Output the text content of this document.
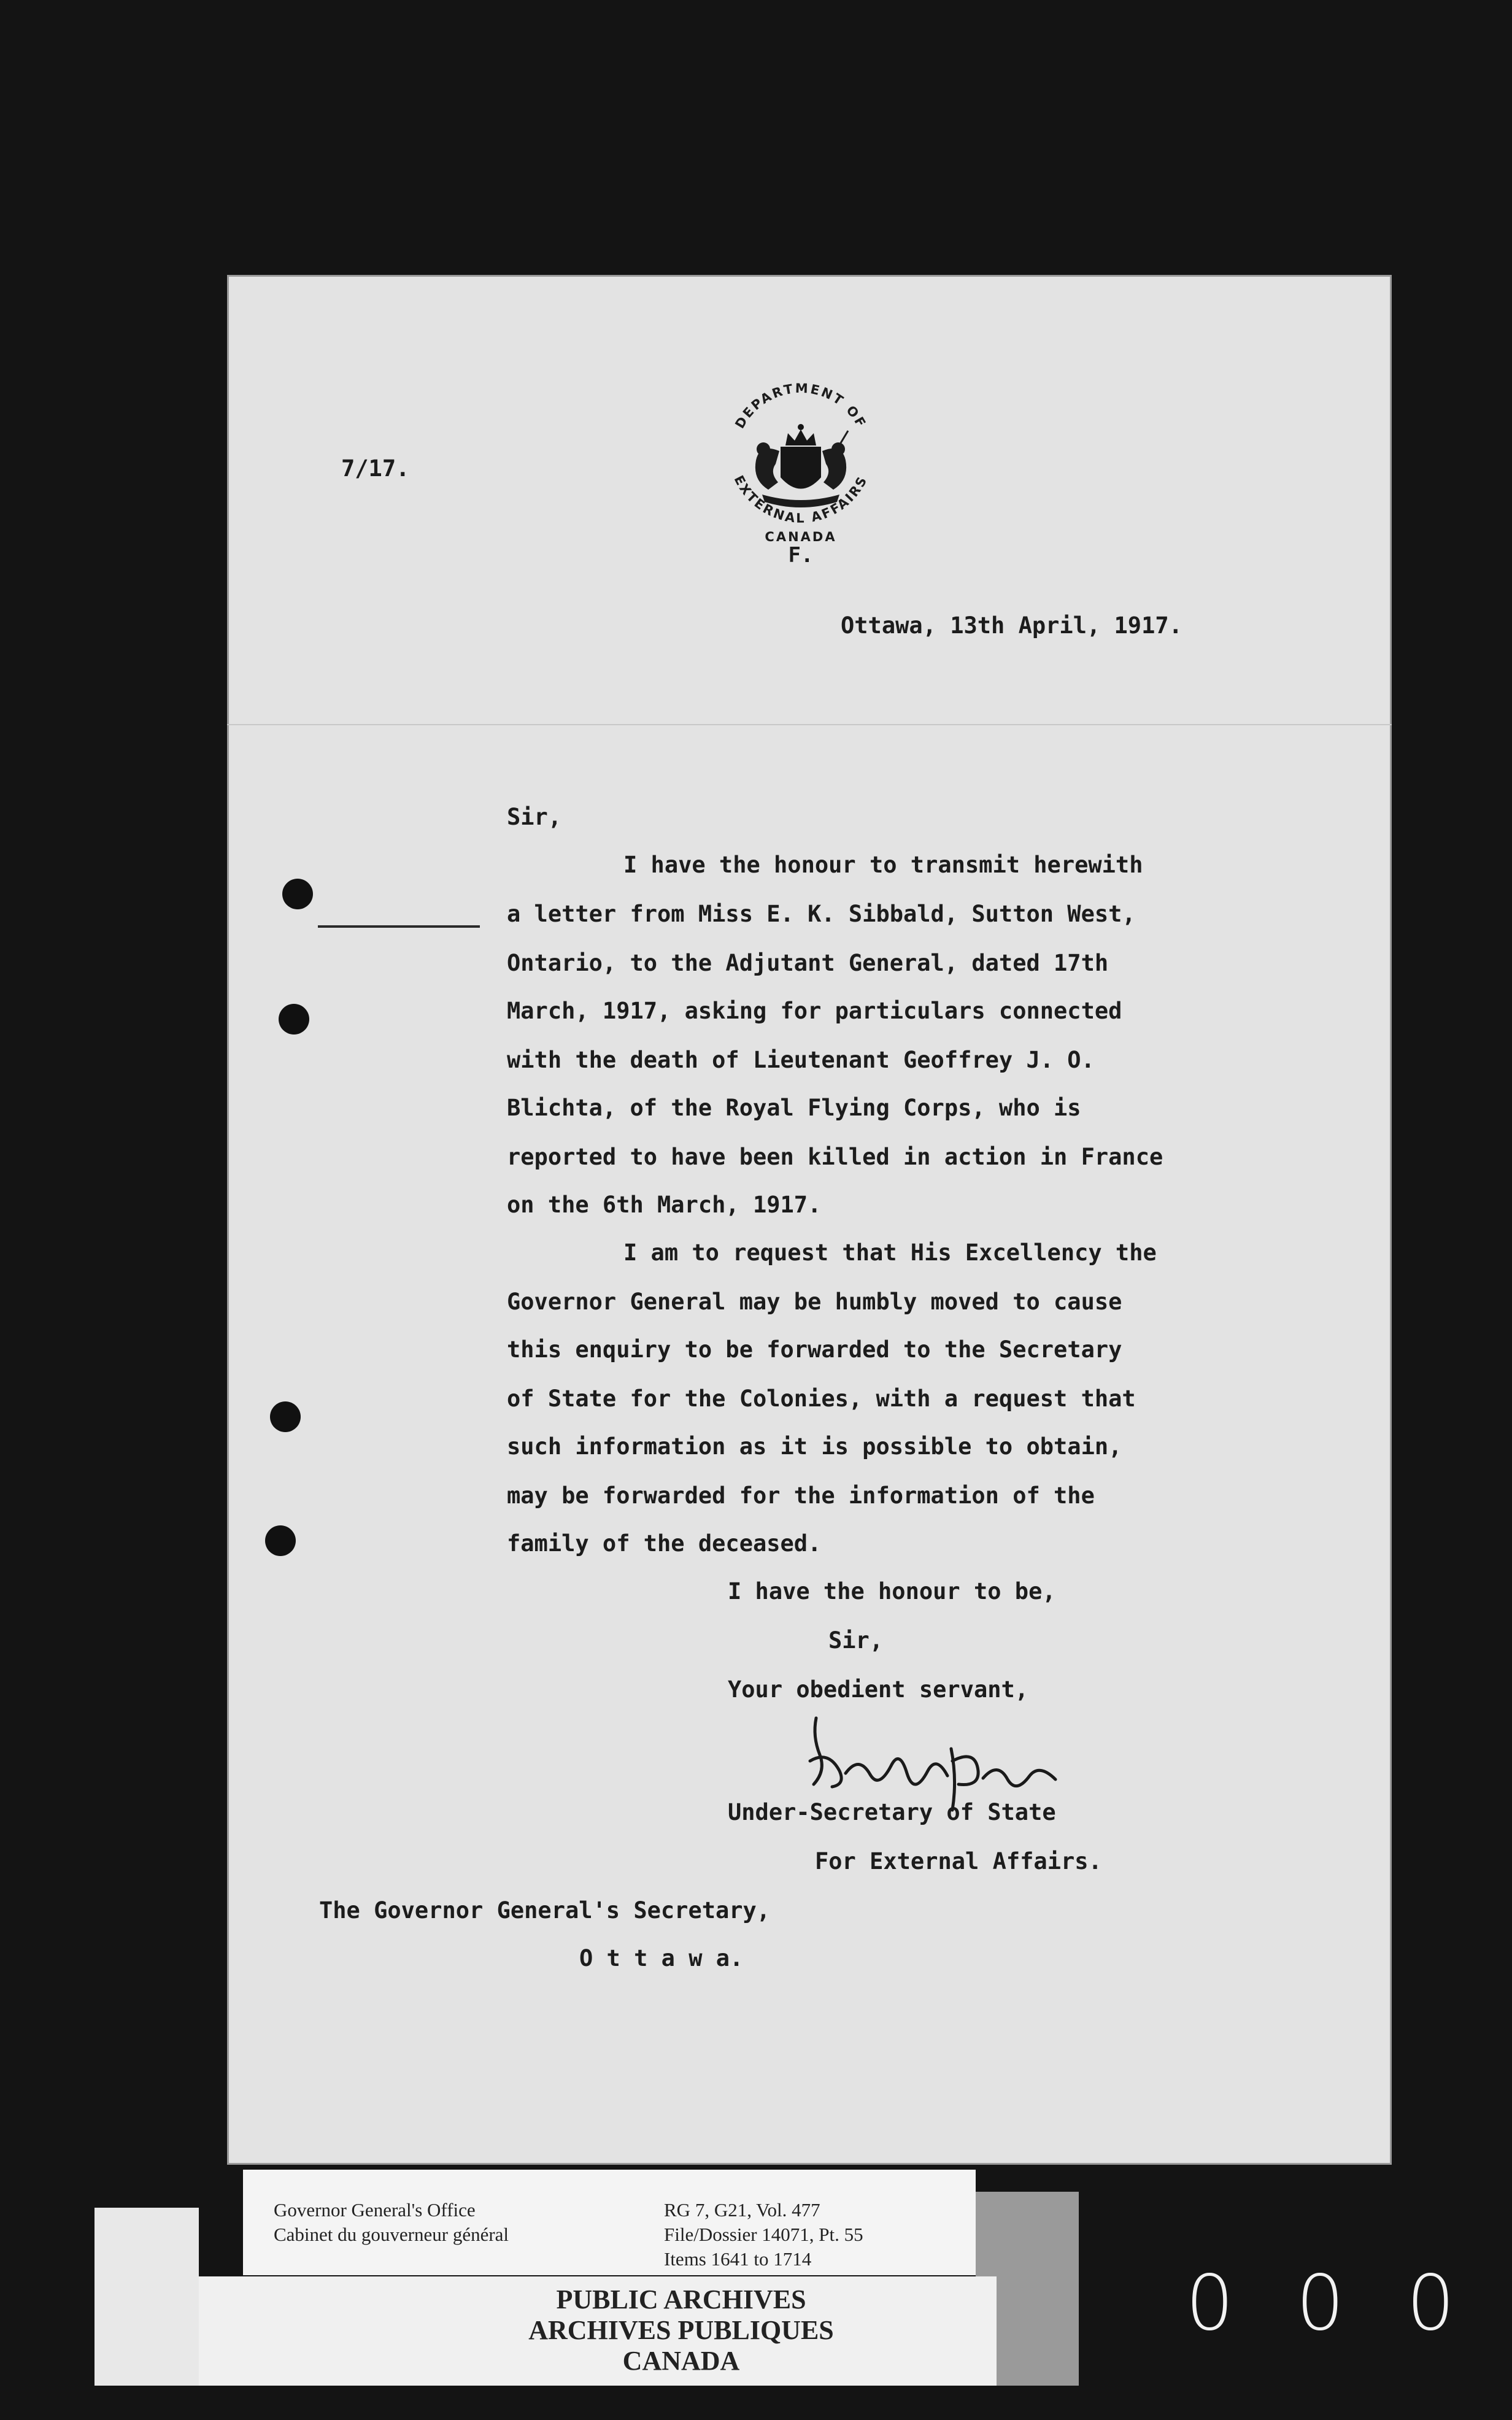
7/17.
DEPARTMENT OF
EXTERNAL AFFAIRS
CANADA
F.
Ottawa, 13th April, 1917.
Sir,
I have the honour to transmit herewith
a letter from Miss E. K. Sibbald, Sutton West,
Ontario, to the Adjutant General, dated 17th
March, 1917, asking for particulars connected
with the death of Lieutenant Geoffrey J. O.
Blichta, of the Royal Flying Corps, who is
reported to have been killed in action in France
on the 6th March, 1917.
I am to request that His Excellency the
Governor General may be humbly moved to cause
this enquiry to be forwarded to the Secretary
of State for the Colonies, with a request that
such information as it is possible to obtain,
may be forwarded for the information of the
family of the deceased.
I have the honour to be,
Sir,
Your obedient servant,
Under-Secretary of State
For External Affairs.
The Governor General's Secretary,
O t t a w a.
Governor General's Office
Cabinet du gouverneur général
RG 7, G21, Vol. 477
File/Dossier 14071, Pt. 55
Items 1641 to 1714
PUBLIC ARCHIVES
ARCHIVES PUBLIQUES
CANADA
0 0 0
